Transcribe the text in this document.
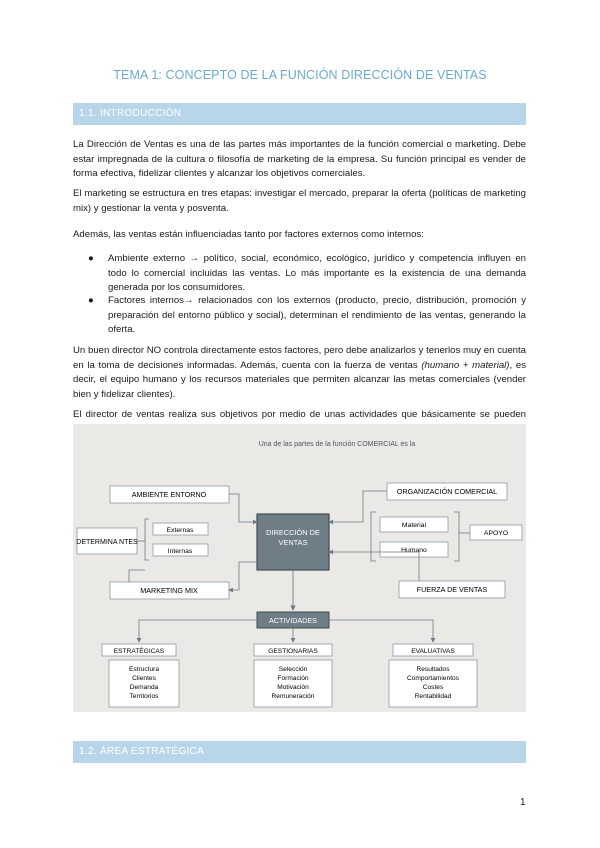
TEMA 1: CONCEPTO DE LA FUNCIÓN DIRECCIÓN DE VENTAS
1.1. INTRODUCCIÓN
La Dirección de Ventas es una de las partes más importantes de la función comercial o marketing. Debe estar impregnada de la cultura o filosofía de marketing de la empresa. Su función principal es vender de forma efectiva, fidelizar clientes y alcanzar los objetivos comerciales.
El marketing se estructura en tres etapas: investigar el mercado, preparar la oferta (políticas de marketing mix) y gestionar la venta y posventa.
Además, las ventas están influenciadas tanto por factores externos como internos:
● Ambiente externo → político, social, económico, ecológico, jurídico y competencia influyen en todo lo comercial incluidas las ventas. Lo más importante es la existencia de una demanda generada por los consumidores.
● Factores internos→ relacionados con los externos (producto, precio, distribución, promoción y preparación del entorno público y social), determinan el rendimiento de las ventas, generando la oferta.
Un buen director NO controla directamente estos factores, pero debe analizarlos y tenerlos muy en cuenta en la toma de decisiones informadas. Además, cuenta con la fuerza de ventas (humano + material), es decir, el equipo humano y los recursos materiales que permiten alcanzar las metas comerciales (vender bien y fidelizar clientes).
El director de ventas realiza sus objetivos por medio de unas actividades que básicamente se pueden
Una de las partes de la función COMERCIAL es la
AMBIENTE ENTORNO
DETERMINA NTES
Externas
Internas
MARKETING MIX
DIRECCIÓN DE VENTAS
ORGANIZACIÓN COMERCIAL
Material
Humano
APOYO
FUERZA DE VENTAS
ACTIVIDADES
ESTRATÉGICAS
Estructura
Clientes
Demanda
Territorios
GESTIONARIAS
Selección
Formación
Motivación
Remuneración
EVALUATIVAS
Resultados
Comportamientos
Costes
Rentabilidad
1.2. ÁREA ESTRATÉGICA
1
